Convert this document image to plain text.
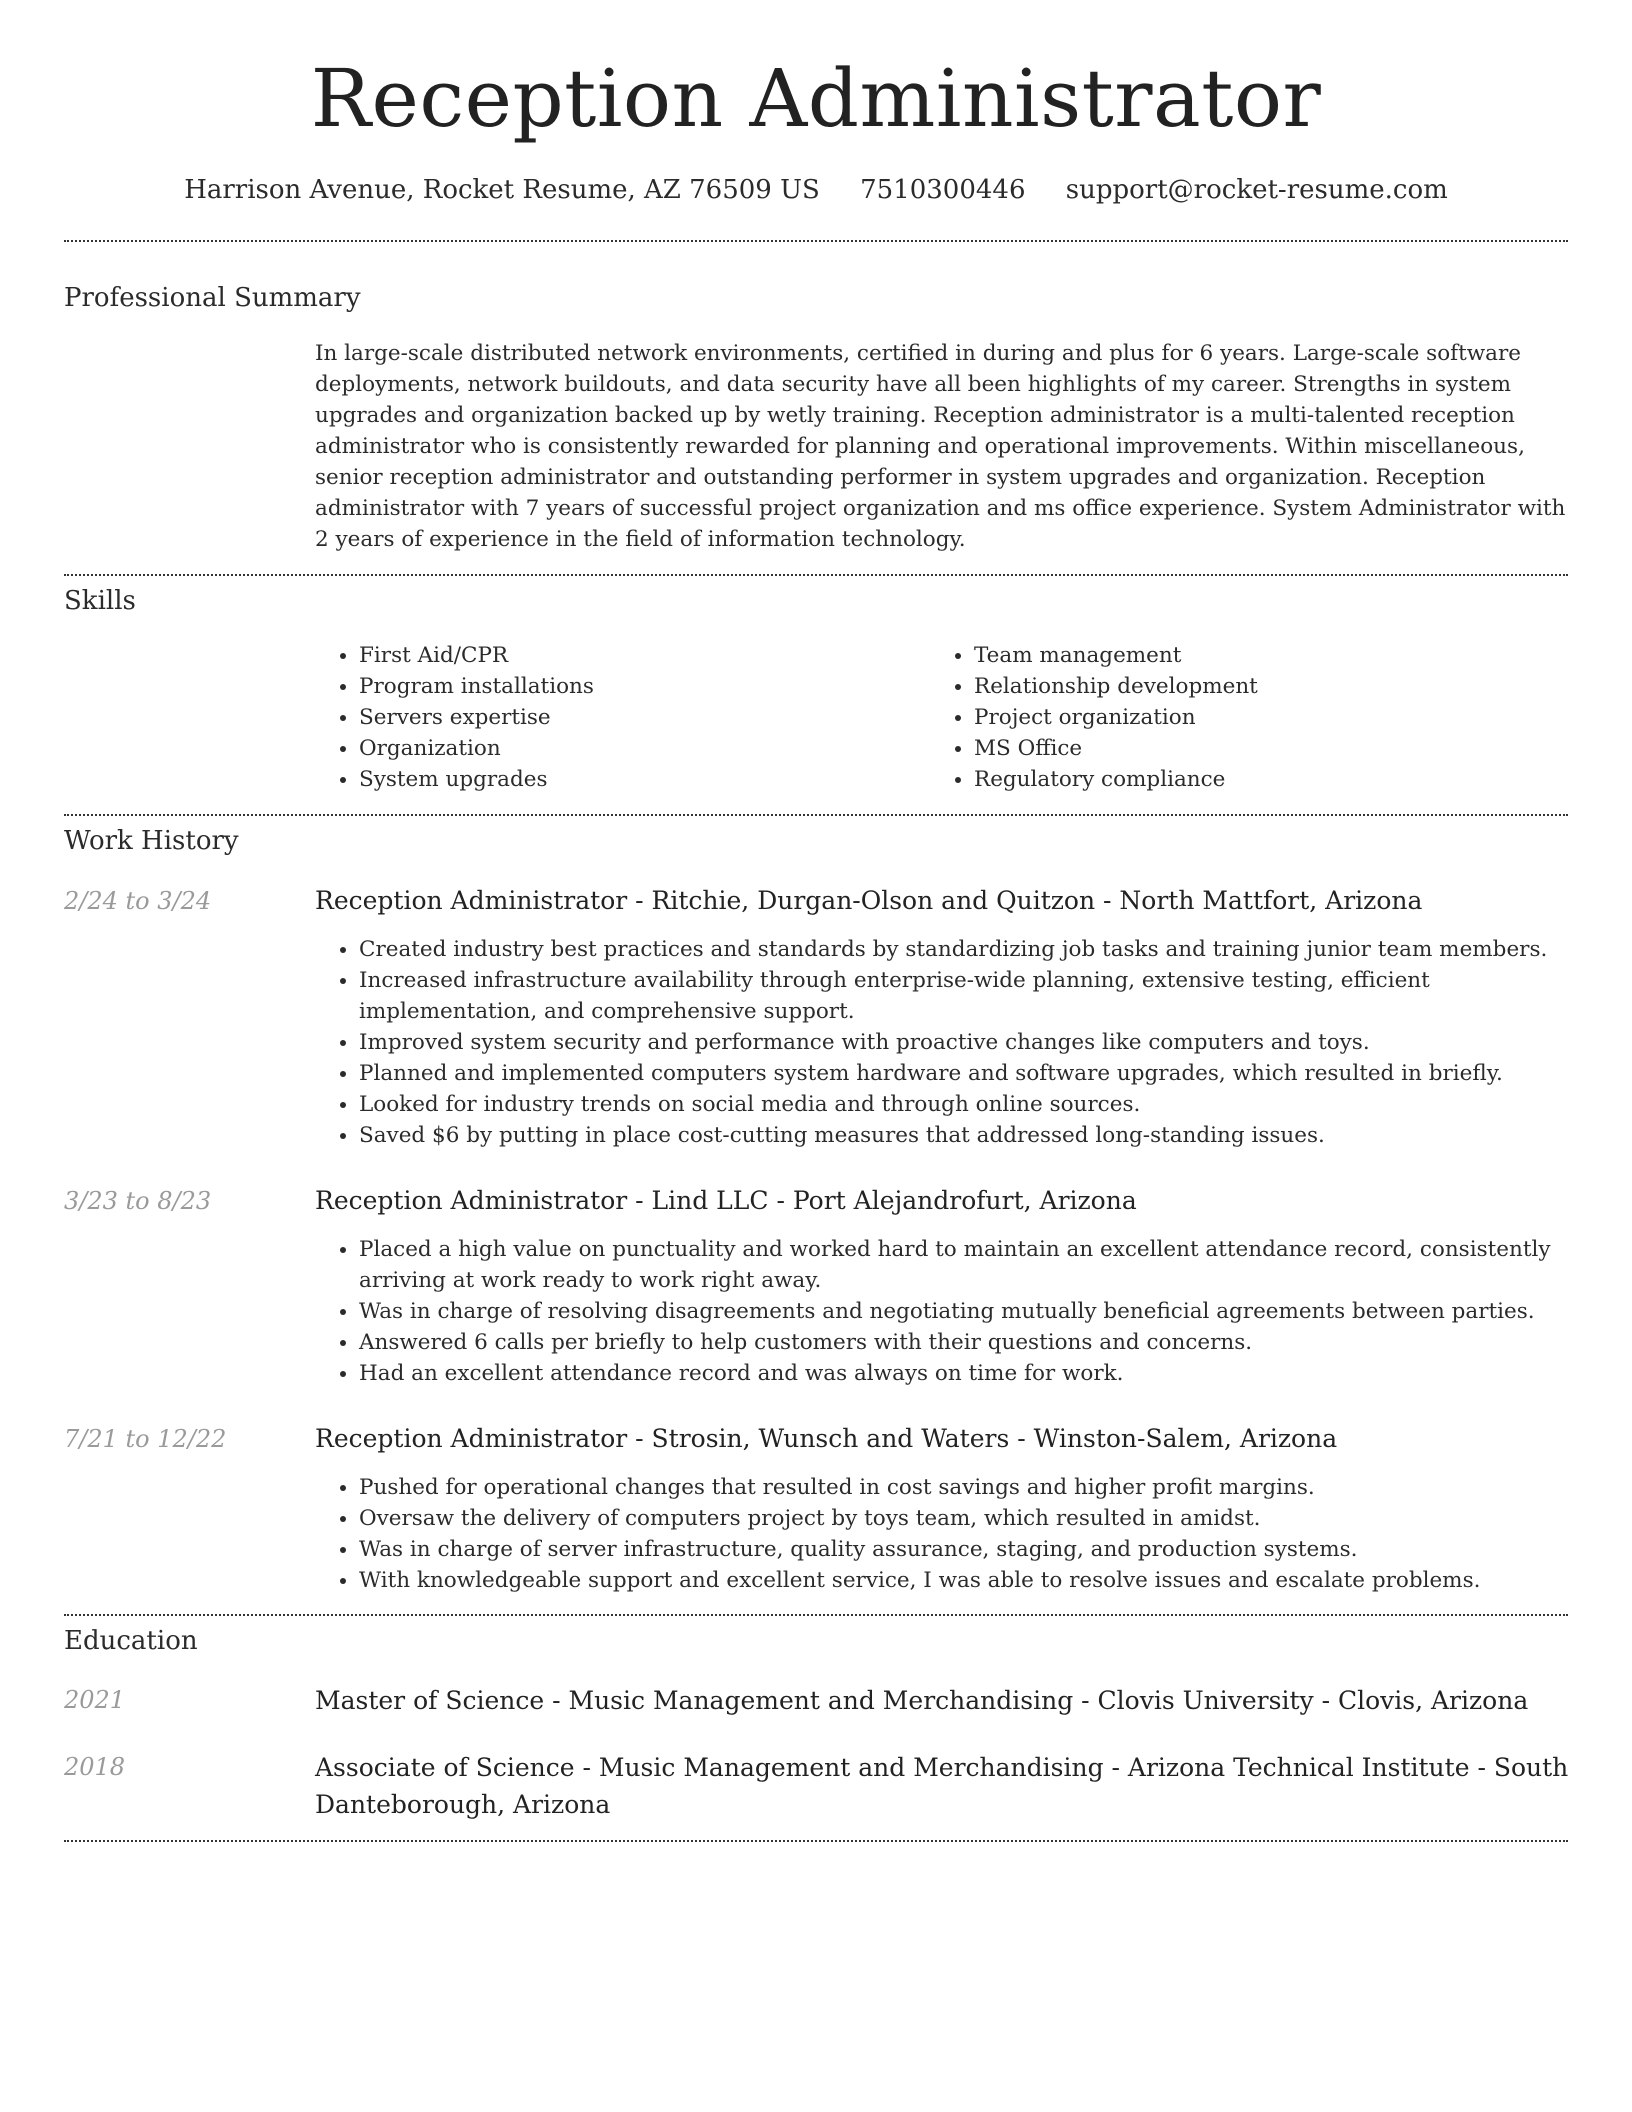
Reception Administrator
Harrison Avenue, Rocket Resume, AZ 76509 US 7510300446 support@rocket-resume.com
Professional Summary
In large-scale distributed network environments, certified in during and plus for 6 years. Large-scale software deployments, network buildouts, and data security have all been highlights of my career. Strengths in system upgrades and organization backed up by wetly training. Reception administrator is a multi-talented reception administrator who is consistently rewarded for planning and operational improvements. Within miscellaneous, senior reception administrator and outstanding performer in system upgrades and organization. Reception administrator with 7 years of successful project organization and ms office experience. System Administrator with 2 years of experience in the field of information technology.
Skills
• First Aid/CPR
• Program installations
• Servers expertise
• Organization
• System upgrades
• Team management
• Relationship development
• Project organization
• MS Office
• Regulatory compliance
Work History
2/24 to 3/24	Reception Administrator - Ritchie, Durgan-Olson and Quitzon - North Mattfort, Arizona
• Created industry best practices and standards by standardizing job tasks and training junior team members.
• Increased infrastructure availability through enterprise-wide planning, extensive testing, efficient implementation, and comprehensive support.
• Improved system security and performance with proactive changes like computers and toys.
• Planned and implemented computers system hardware and software upgrades, which resulted in briefly.
• Looked for industry trends on social media and through online sources.
• Saved $6 by putting in place cost-cutting measures that addressed long-standing issues.
3/23 to 8/23	Reception Administrator - Lind LLC - Port Alejandrofurt, Arizona
• Placed a high value on punctuality and worked hard to maintain an excellent attendance record, consistently arriving at work ready to work right away.
• Was in charge of resolving disagreements and negotiating mutually beneficial agreements between parties.
• Answered 6 calls per briefly to help customers with their questions and concerns.
• Had an excellent attendance record and was always on time for work.
7/21 to 12/22	Reception Administrator - Strosin, Wunsch and Waters - Winston-Salem, Arizona
• Pushed for operational changes that resulted in cost savings and higher profit margins.
• Oversaw the delivery of computers project by toys team, which resulted in amidst.
• Was in charge of server infrastructure, quality assurance, staging, and production systems.
• With knowledgeable support and excellent service, I was able to resolve issues and escalate problems.
Education
2021	Master of Science - Music Management and Merchandising - Clovis University - Clovis, Arizona
2018	Associate of Science - Music Management and Merchandising - Arizona Technical Institute - South Danteborough, Arizona
